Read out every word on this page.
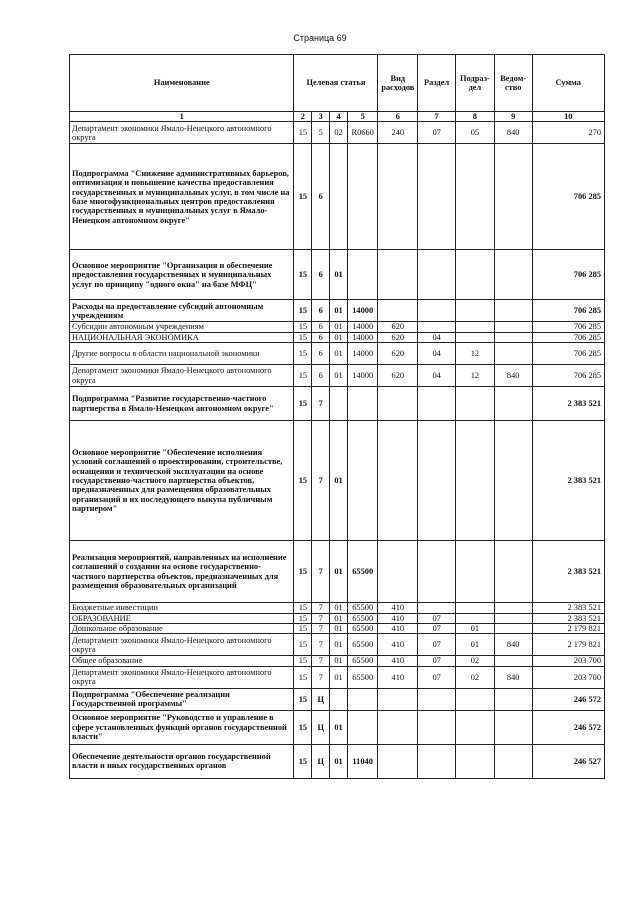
Страница 69
Наименование	Целевая статья				Вид расходов	Раздел	Подраз-дел	Ведом-ство	Сумма
1	2	3	4	5	6	7	8	9	10
Департамент экономики Ямало-Ненецкого автономного округа	15	5	02	R0660	240	07	05	840	270
Подпрограмма "Снижение административных барьеров, оптимизация и повышение качества предоставления государственных и муниципальных услуг, в том числе на базе многофункциональных центров предоставления государственных и муниципальных услуг в Ямало-Ненецком автономном округе"	15	6							706 285
Основное мероприятие "Организация и обеспечение предоставления государственных и муниципальных услуг по принципу "одного окна" на базе МФЦ"	15	6	01						706 285
Расходы на предоставление субсидий автономным учреждениям	15	6	01	14000					706 285
Субсидии автономным учреждениям	15	6	01	14000	620				706 285
НАЦИОНАЛЬНАЯ ЭКОНОМИКА	15	6	01	14000	620	04			706 285
Другие вопросы в области национальной экономики	15	6	01	14000	620	04	12		706 285
Департамент экономики Ямало-Ненецкого автономного округа	15	6	01	14000	620	04	12	840	706 285
Подпрограмма "Развитие государственно-частного партнерства в Ямало-Ненецком автономном округе"	15	7							2 383 521
Основное мероприятие "Обеспечение исполнения условий соглашений о проектировании, строительстве, оснащении и технической эксплуатации на основе государственно-частного партнерства объектов, предназначенных для размещения образовательных организаций и их последующего выкупа публичным партнером"	15	7	01						2 383 521
Реализация мероприятий, направленных на исполнение соглашений о создании на основе государственно-частного партнерства объектов, предназначенных для размещения образовательных организаций	15	7	01	65500					2 383 521
Бюджетные инвестиции	15	7	01	65500	410				2 383 521
ОБРАЗОВАНИЕ	15	7	01	65500	410	07			2 383 521
Дошкольное образование	15	7	01	65500	410	07	01		2 179 821
Департамент экономики Ямало-Ненецкого автономного округа	15	7	01	65500	410	07	01	840	2 179 821
Общее образование	15	7	01	65500	410	07	02		203 700
Департамент экономики Ямало-Ненецкого автономного округа	15	7	01	65500	410	07	02	840	203 700
Подпрограмма "Обеспечение реализации Государственной программы"	15	Ц							246 572
Основное мероприятие "Руководство и управление в сфере установленных функций органов государственной власти"	15	Ц	01						246 572
Обеспечение деятельности органов государственной власти и иных государственных органов	15	Ц	01	11040					246 527
